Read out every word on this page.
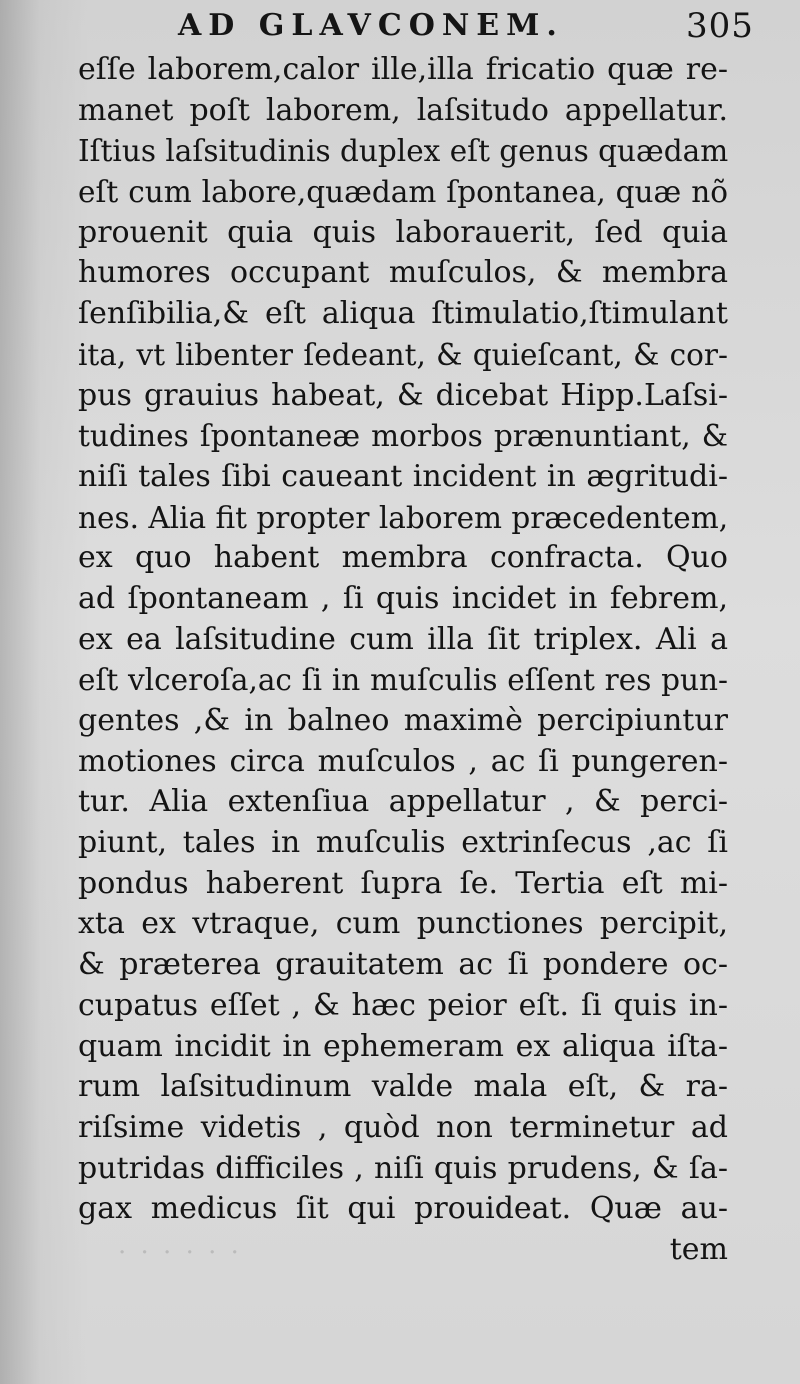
AD GLAVCONEM.	305
eſſe laborem,calor ille,illa fricatio quæ re-
manet poſt laborem, laſsitudo appellatur.
Iſtius laſsitudinis duplex eſt genus quædam
eſt cum labore,quædam ſpontanea, quæ nõ
prouenit quia quis laborauerit, ſed quia
humores occupant muſculos, & membra
ſenſibilia,& eſt aliqua ſtimulatio,ſtimulant
ita, vt libenter ſedeant, & quieſcant, & cor-
pus grauius habeat, & dicebat Hipp.Laſsi-
tudines ſpontaneæ morbos prænuntiant, &
niſi tales ſibi caueant incident in ægritudi-
nes. Alia fit propter laborem præcedentem,
ex quo habent membra confracta. Quo
ad ſpontaneam , ſi quis incidet in febrem,
ex ea laſsitudine cum illa ſit triplex. Ali a
eſt vlceroſa,ac ſi in muſculis eſſent res pun-
gentes ,& in balneo maximè percipiuntur
motiones circa muſculos , ac ſi pungeren-
tur. Alia extenſiua appellatur , & perci-
piunt, tales in muſculis extrinſecus ,ac ſi
pondus haberent ſupra ſe. Tertia eſt mi-
xta ex vtraque, cum punctiones percipit,
& præterea grauitatem ac ſi pondere oc-
cupatus eſſet , & hæc peior eſt. ſi quis in-
quam incidit in ephemeram ex aliqua iſta-
rum laſsitudinum valde mala eſt, & ra-
riſsime videtis , quòd non terminetur ad
putridas difficiles , niſi quis prudens, & ſa-
gax medicus ſit qui prouideat. Quæ au-
tem
· · · · · ·
